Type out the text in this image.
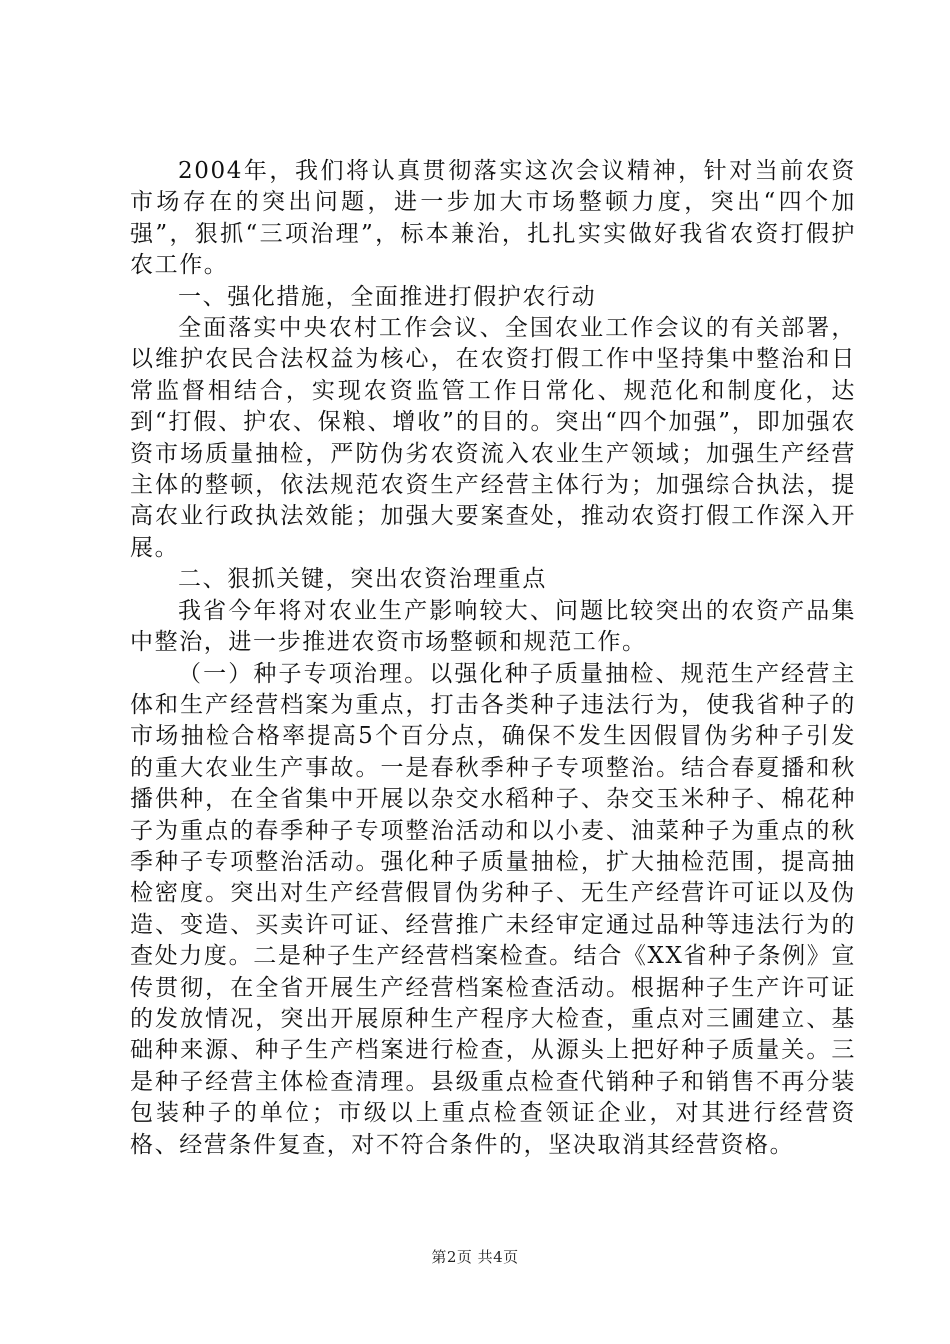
2004年，我们将认真贯彻落实这次会议精神，针对当前农资市场存在的突出问题，进一步加大市场整顿力度，突出“四个加强”，狠抓“三项治理”，标本兼治，扎扎实实做好我省农资打假护农工作。

一、强化措施，全面推进打假护农行动

全面落实中央农村工作会议、全国农业工作会议的有关部署，以维护农民合法权益为核心，在农资打假工作中坚持集中整治和日常监督相结合，实现农资监管工作日常化、规范化和制度化，达到“打假、护农、保粮、增收”的目的。突出“四个加强”，即加强农资市场质量抽检，严防伪劣农资流入农业生产领域；加强生产经营主体的整顿，依法规范农资生产经营主体行为；加强综合执法，提高农业行政执法效能；加强大要案查处，推动农资打假工作深入开展。

二、狠抓关键，突出农资治理重点

我省今年将对农业生产影响较大、问题比较突出的农资产品集中整治，进一步推进农资市场整顿和规范工作。

（一）种子专项治理。以强化种子质量抽检、规范生产经营主体和生产经营档案为重点，打击各类种子违法行为，使我省种子的市场抽检合格率提高5个百分点，确保不发生因假冒伪劣种子引发的重大农业生产事故。一是春秋季种子专项整治。结合春夏播和秋播供种，在全省集中开展以杂交水稻种子、杂交玉米种子、棉花种子为重点的春季种子专项整治活动和以小麦、油菜种子为重点的秋季种子专项整治活动。强化种子质量抽检，扩大抽检范围，提高抽检密度。突出对生产经营假冒伪劣种子、无生产经营许可证以及伪造、变造、买卖许可证、经营推广未经审定通过品种等违法行为的查处力度。二是种子生产经营档案检查。结合《XX省种子条例》宣传贯彻，在全省开展生产经营档案检查活动。根据种子生产许可证的发放情况，突出开展原种生产程序大检查，重点对三圃建立、基础种来源、种子生产档案进行检查，从源头上把好种子质量关。三是种子经营主体检查清理。县级重点检查代销种子和销售不再分装包装种子的单位；市级以上重点检查领证企业，对其进行经营资格、经营条件复查，对不符合条件的，坚决取消其经营资格。

第2页 共4页
